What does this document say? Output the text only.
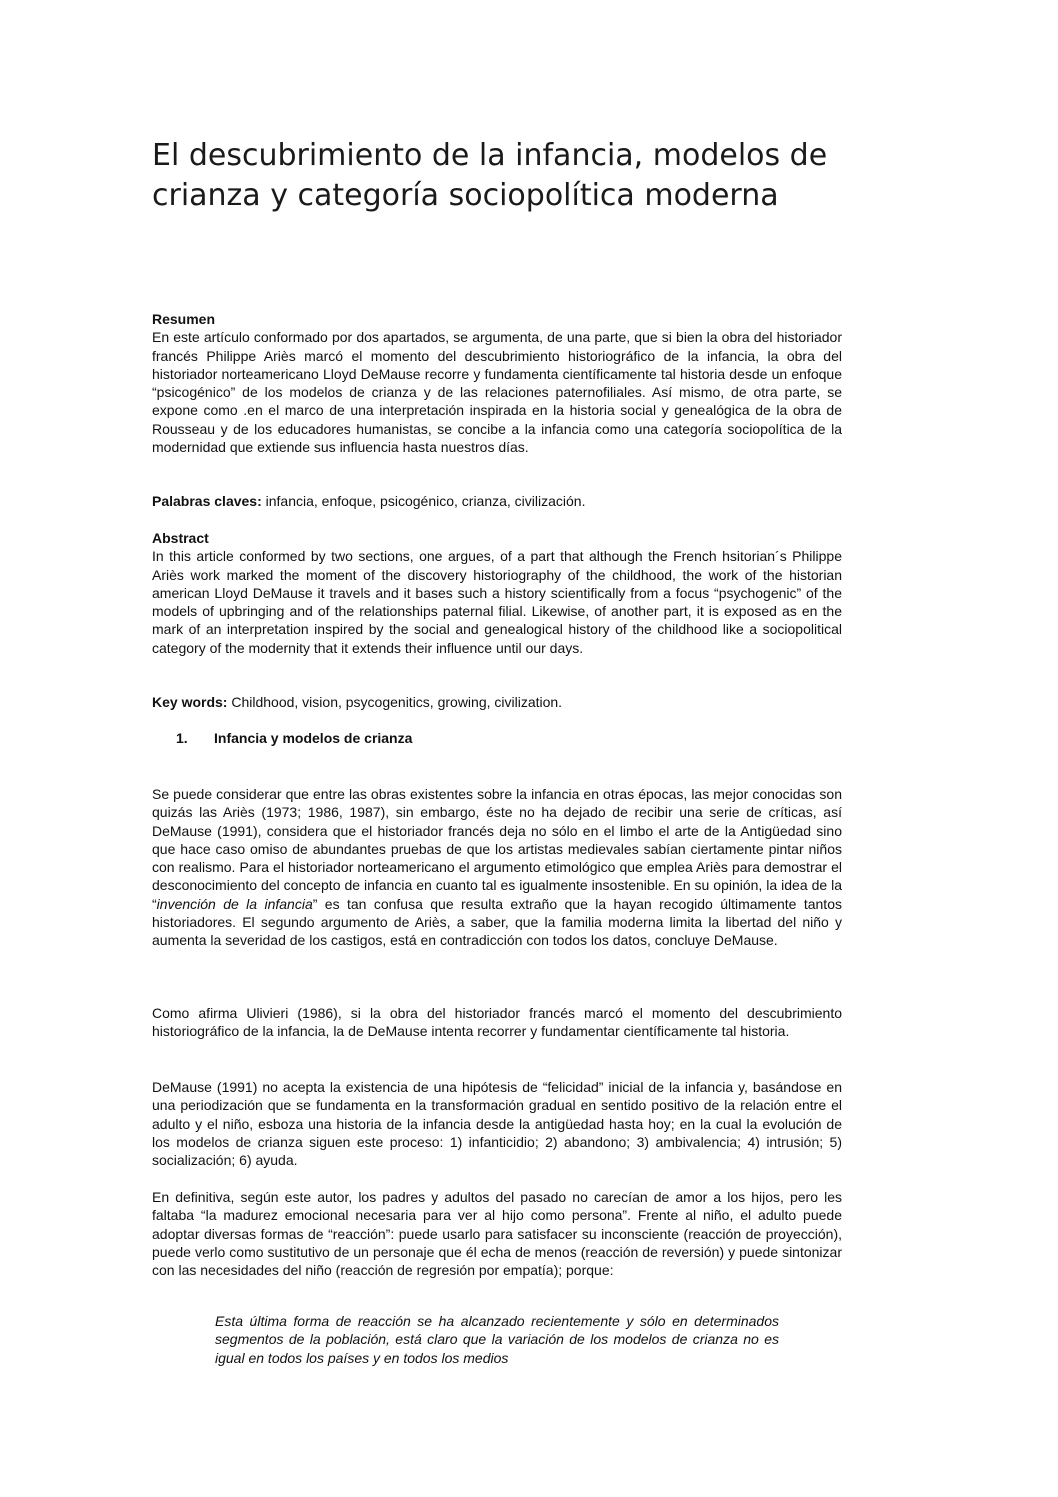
El descubrimiento de la infancia, modelos de crianza y categoría sociopolítica moderna

Resumen
En este artículo conformado por dos apartados, se argumenta, de una parte, que si bien la obra del historiador francés Philippe Ariès marcó el momento del descubrimiento historiográfico de la infancia, la obra del historiador norteamericano Lloyd DeMause recorre y fundamenta científicamente tal historia desde un enfoque “psicogénico” de los modelos de crianza y de las relaciones paternofiliales. Así mismo, de otra parte, se expone como .en el marco de una interpretación inspirada en la historia social y genealógica de la obra de Rousseau y de los educadores humanistas, se concibe a la infancia como una categoría sociopolítica de la modernidad que extiende sus influencia hasta nuestros días.

Palabras claves: infancia, enfoque, psicogénico, crianza, civilización.

Abstract
In this article conformed by two sections, one argues, of a part that although the French hsitorian´s Philippe Ariès work marked the moment of the discovery historiography of the childhood, the work of the historian american Lloyd DeMause it travels and it bases such a history scientifically from a focus “psychogenic” of the models of upbringing and of the relationships paternal filial. Likewise, of another part, it is exposed as en the mark of an interpretation inspired by the social and genealogical history of the childhood like a sociopolitical category of the modernity that it extends their influence until our days.

Key words: Childhood, vision, psycogenitics, growing, civilization.

1. Infancia y modelos de crianza

Se puede considerar que entre las obras existentes sobre la infancia en otras épocas, las mejor conocidas son quizás las Ariès (1973; 1986, 1987), sin embargo, éste no ha dejado de recibir una serie de críticas, así DeMause (1991), considera que el historiador francés deja no sólo en el limbo el arte de la Antigüedad sino que hace caso omiso de abundantes pruebas de que los artistas medievales sabían ciertamente pintar niños con realismo. Para el historiador norteamericano el argumento etimológico que emplea Ariès para demostrar el desconocimiento del concepto de infancia en cuanto tal es igualmente insostenible. En su opinión, la idea de la “invención de la infancia” es tan confusa que resulta extraño que la hayan recogido últimamente tantos historiadores. El segundo argumento de Ariès, a saber, que la familia moderna limita la libertad del niño y aumenta la severidad de los castigos, está en contradicción con todos los datos, concluye DeMause.

Como afirma Ulivieri (1986), si la obra del historiador francés marcó el momento del descubrimiento historiográfico de la infancia, la de DeMause intenta recorrer y fundamentar científicamente tal historia.

DeMause (1991) no acepta la existencia de una hipótesis de “felicidad” inicial de la infancia y, basándose en una periodización que se fundamenta en la transformación gradual en sentido positivo de la relación entre el adulto y el niño, esboza una historia de la infancia desde la antigüedad hasta hoy; en la cual la evolución de los modelos de crianza siguen este proceso: 1) infanticidio; 2) abandono; 3) ambivalencia; 4) intrusión; 5) socialización; 6) ayuda.

En definitiva, según este autor, los padres y adultos del pasado no carecían de amor a los hijos, pero les faltaba “la madurez emocional necesaria para ver al hijo como persona”. Frente al niño, el adulto puede adoptar diversas formas de “reacción”: puede usarlo para satisfacer su inconsciente (reacción de proyección), puede verlo como sustitutivo de un personaje que él echa de menos (reacción de reversión) y puede sintonizar con las necesidades del niño (reacción de regresión por empatía); porque:

Esta última forma de reacción se ha alcanzado recientemente y sólo en determinados segmentos de la población, está claro que la variación de los modelos de crianza no es igual en todos los países y en todos los medios
